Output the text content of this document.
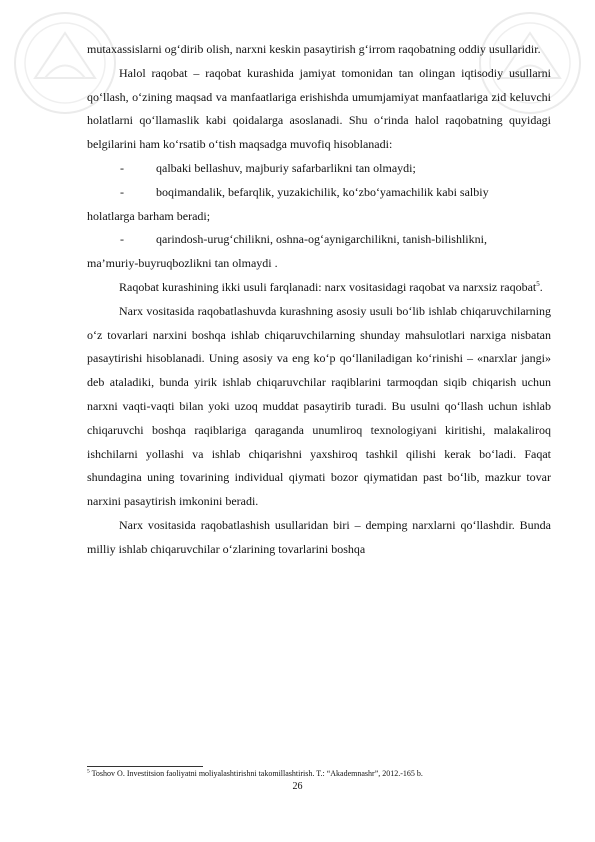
mutaxassislarni og‘dirib olish, narxni keskin pasaytirish g‘irrom raqobatning oddiy usullaridir.

Halol raqobat – raqobat kurashida jamiyat tomonidan tan olingan iqtisodiy usullarni qo‘llash, o‘zining maqsad va manfaatlariga erishishda umumjamiyat manfaatlariga zid keluvchi holatlarni qo‘llamaslik kabi qoidalarga asoslanadi. Shu o‘rinda halol raqobatning quyidagi belgilarini ham ko‘rsatib o‘tish maqsadga muvofiq hisoblanadi:

-	qalbaki bellashuv, majburiy safarbarlikni tan olmaydi;

-	boqimandalik, befarqlik, yuzakichilik, ko‘zbo‘yamachilik kabi salbiy
holatlarga barham beradi;

-	qarindosh-urug‘chilikni, oshna-og‘aynigarchilikni, tanish-bilishlikni,
ma’muriy-buyruqbozlikni tan olmaydi .

Raqobat kurashining ikki usuli farqlanadi: narx vositasidagi raqobat va narxsiz raqobat$^5$.

Narx vositasida raqobatlashuvda kurashning asosiy usuli bo‘lib ishlab chiqaruvchilarning o‘z tovarlari narxini boshqa ishlab chiqaruvchilarning shunday mahsulotlari narxiga nisbatan pasaytirishi hisoblanadi. Uning asosiy va eng ko‘p qo‘llaniladigan ko‘rinishi – «narxlar jangi» deb ataladiki, bunda yirik ishlab chiqaruvchilar raqiblarini tarmoqdan siqib chiqarish uchun narxni vaqti-vaqti bilan yoki uzoq muddat pasaytirib turadi. Bu usulni qo‘llash uchun ishlab chiqaruvchi boshqa raqiblariga qaraganda unumliroq texnologiyani kiritishi, malakaliroq ishchilarni yollashi va ishlab chiqarishni yaxshiroq tashkil qilishi kerak bo‘ladi. Faqat shundagina uning tovarining individual qiymati bozor qiymatidan past bo‘lib, mazkur tovar narxini pasaytirish imkonini beradi.

Narx vositasida raqobatlashish usullaridan biri – demping narxlarni qo‘llashdir. Bunda milliy ishlab chiqaruvchilar o‘zlarining tovarlarini boshqa

$^5$ Toshov O. Investitsion faoliyatni moliyalashtirishni takomillashtirish. T.: “Akademnashr”, 2012.-165 b.
26
